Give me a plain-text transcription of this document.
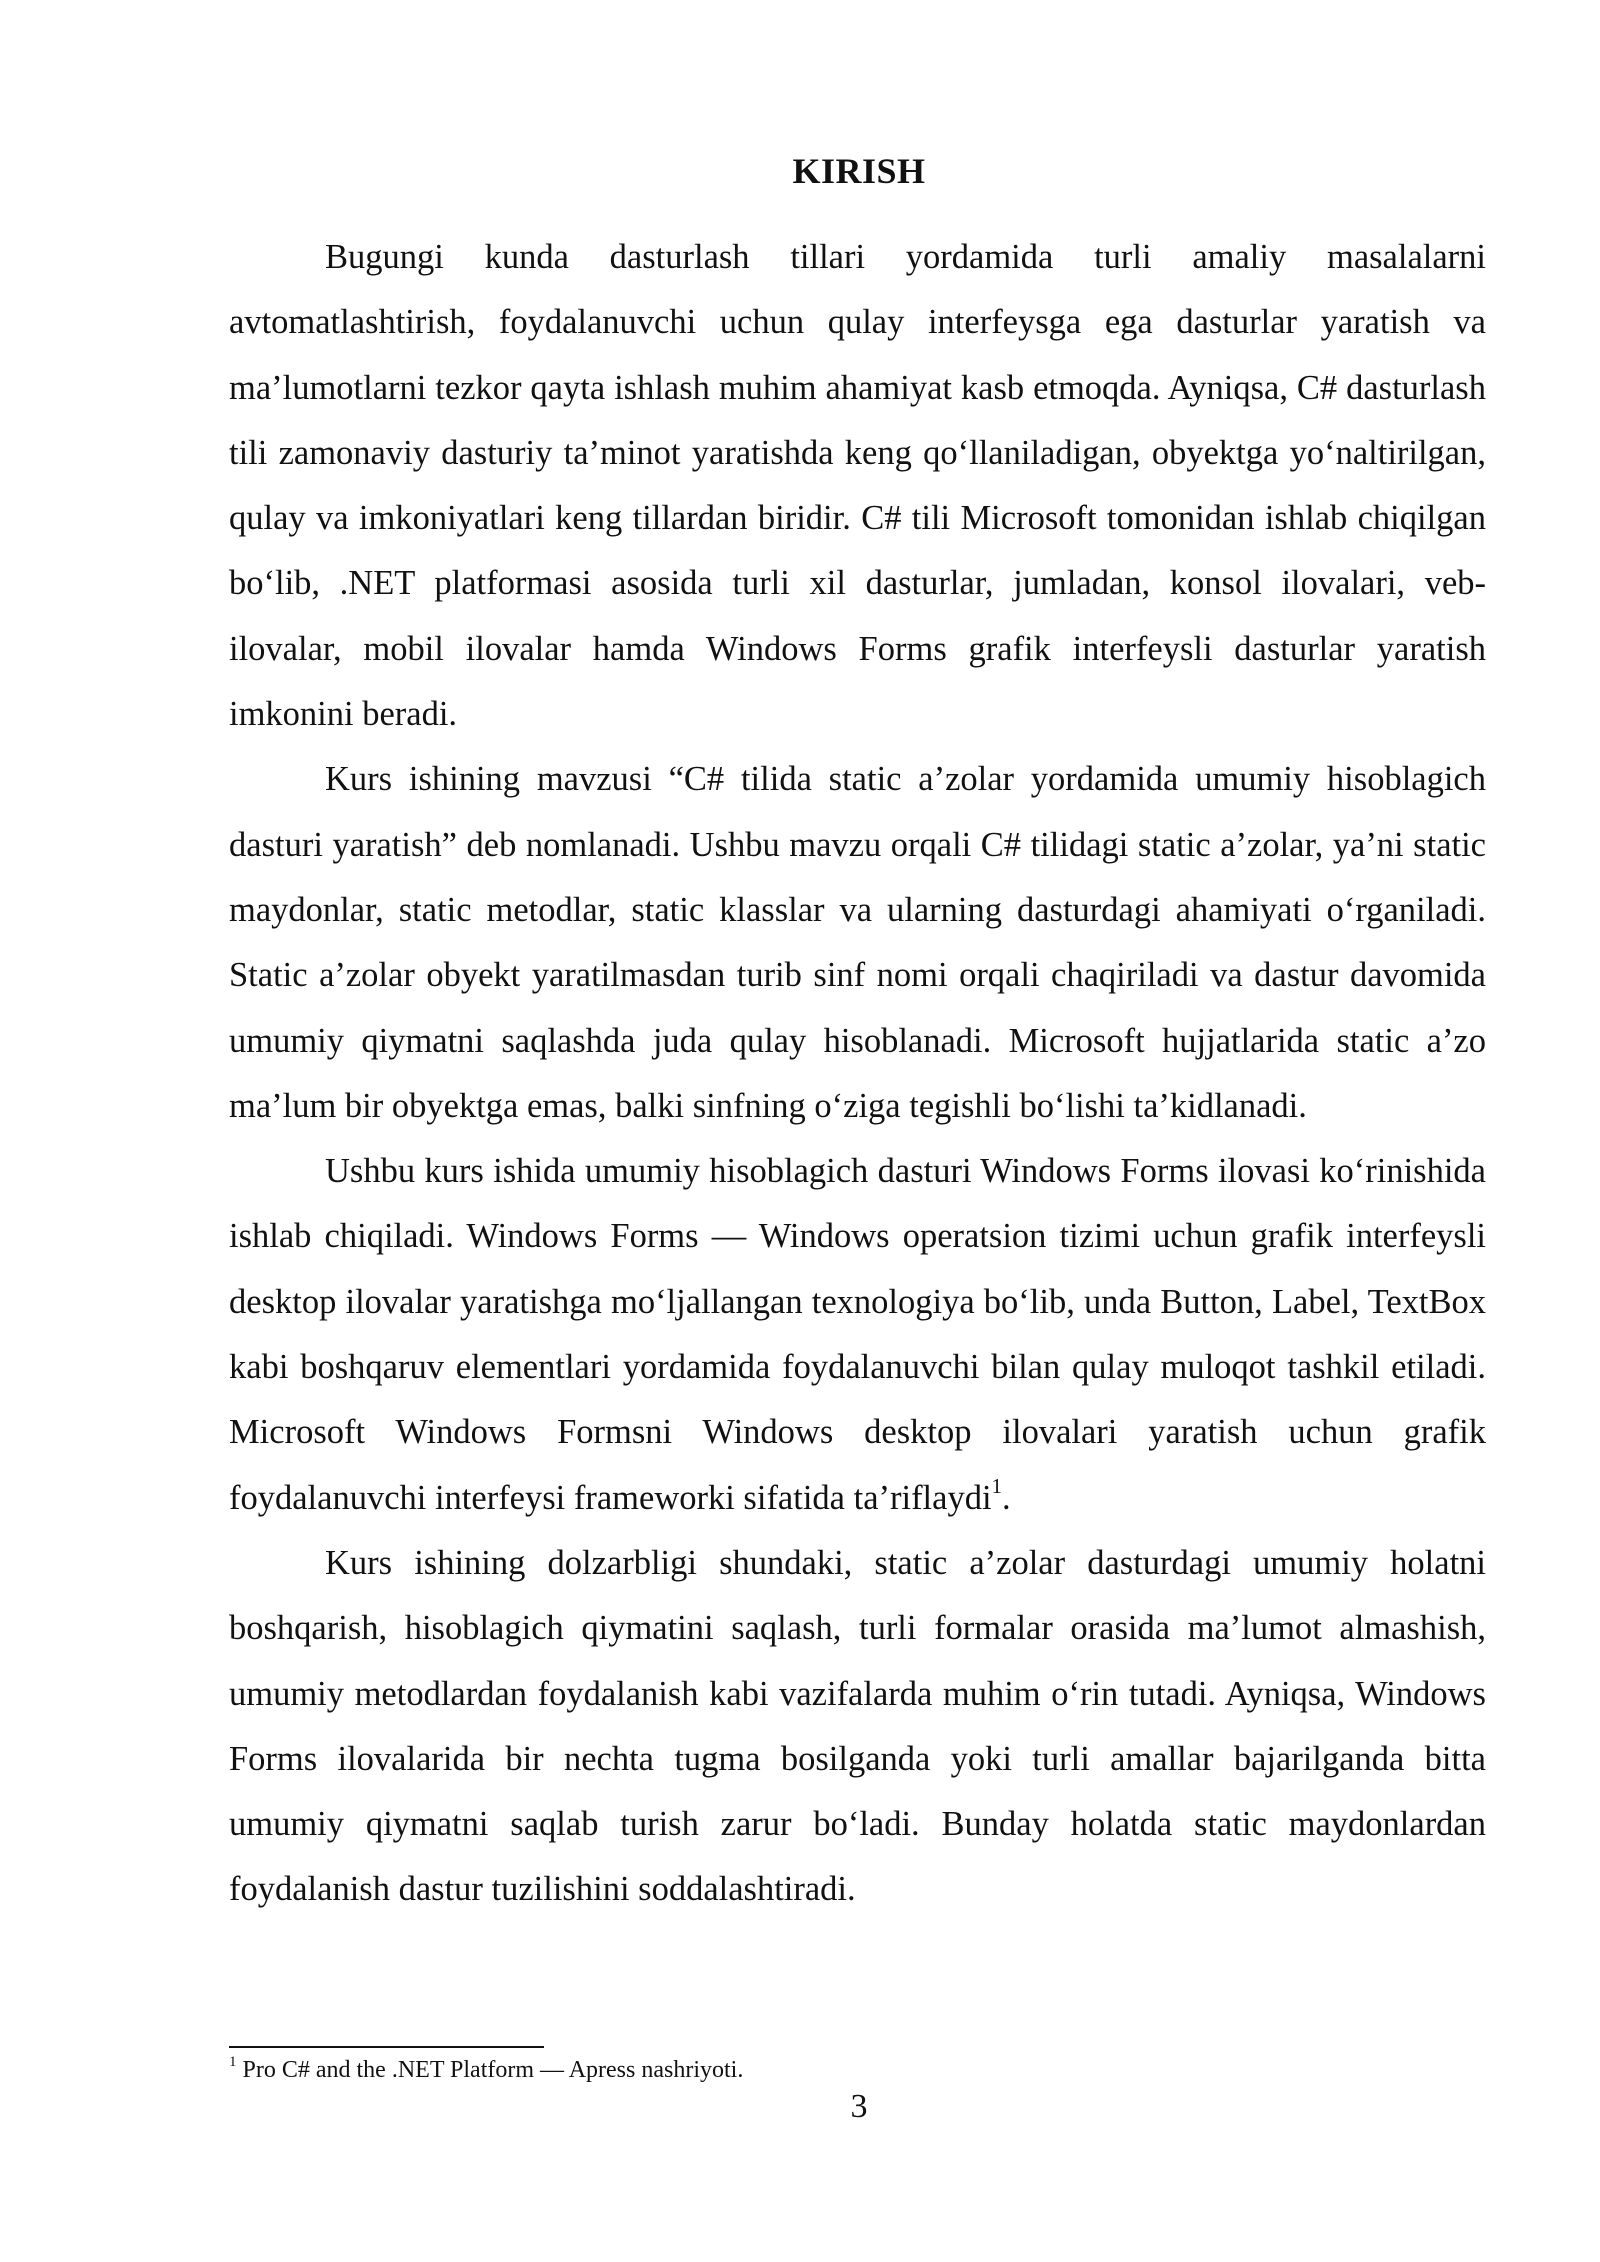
KIRISH

Bugungi kunda dasturlash tillari yordamida turli amaliy masalalarni avtomatlashtirish, foydalanuvchi uchun qulay interfeysga ega dasturlar yaratish va ma’lumotlarni tezkor qayta ishlash muhim ahamiyat kasb etmoqda. Ayniqsa, C# dasturlash tili zamonaviy dasturiy ta’minot yaratishda keng qo‘llaniladigan, obyektga yo‘naltirilgan, qulay va imkoniyatlari keng tillardan biridir. C# tili Microsoft tomonidan ishlab chiqilgan bo‘lib, .NET platformasi asosida turli xil dasturlar, jumladan, konsol ilovalari, veb-ilovalar, mobil ilovalar hamda Windows Forms grafik interfeysli dasturlar yaratish imkonini beradi.

Kurs ishining mavzusi “C# tilida static a’zolar yordamida umumiy hisoblagich dasturi yaratish” deb nomlanadi. Ushbu mavzu orqali C# tilidagi static a’zolar, ya’ni static maydonlar, static metodlar, static klasslar va ularning dasturdagi ahamiyati o‘rganiladi. Static a’zolar obyekt yaratilmasdan turib sinf nomi orqali chaqiriladi va dastur davomida umumiy qiymatni saqlashda juda qulay hisoblanadi. Microsoft hujjatlarida static a’zo ma’lum bir obyektga emas, balki sinfning o‘ziga tegishli bo‘lishi ta’kidlanadi.

Ushbu kurs ishida umumiy hisoblagich dasturi Windows Forms ilovasi ko‘rinishida ishlab chiqiladi. Windows Forms — Windows operatsion tizimi uchun grafik interfeysli desktop ilovalar yaratishga mo‘ljallangan texnologiya bo‘lib, unda Button, Label, TextBox kabi boshqaruv elementlari yordamida foydalanuvchi bilan qulay muloqot tashkil etiladi. Microsoft Windows Formsni Windows desktop ilovalari yaratish uchun grafik foydalanuvchi interfeysi frameworki sifatida ta’riflaydi$^1$.

Kurs ishining dolzarbligi shundaki, static a’zolar dasturdagi umumiy holatni boshqarish, hisoblagich qiymatini saqlash, turli formalar orasida ma’lumot almashish, umumiy metodlardan foydalanish kabi vazifalarda muhim o‘rin tutadi. Ayniqsa, Windows Forms ilovalarida bir nechta tugma bosilganda yoki turli amallar bajarilganda bitta umumiy qiymatni saqlab turish zarur bo‘ladi. Bunday holatda static maydonlardan foydalanish dastur tuzilishini soddalashtiradi.

$^1$ Pro C# and the .NET Platform — Apress nashriyoti.
3
